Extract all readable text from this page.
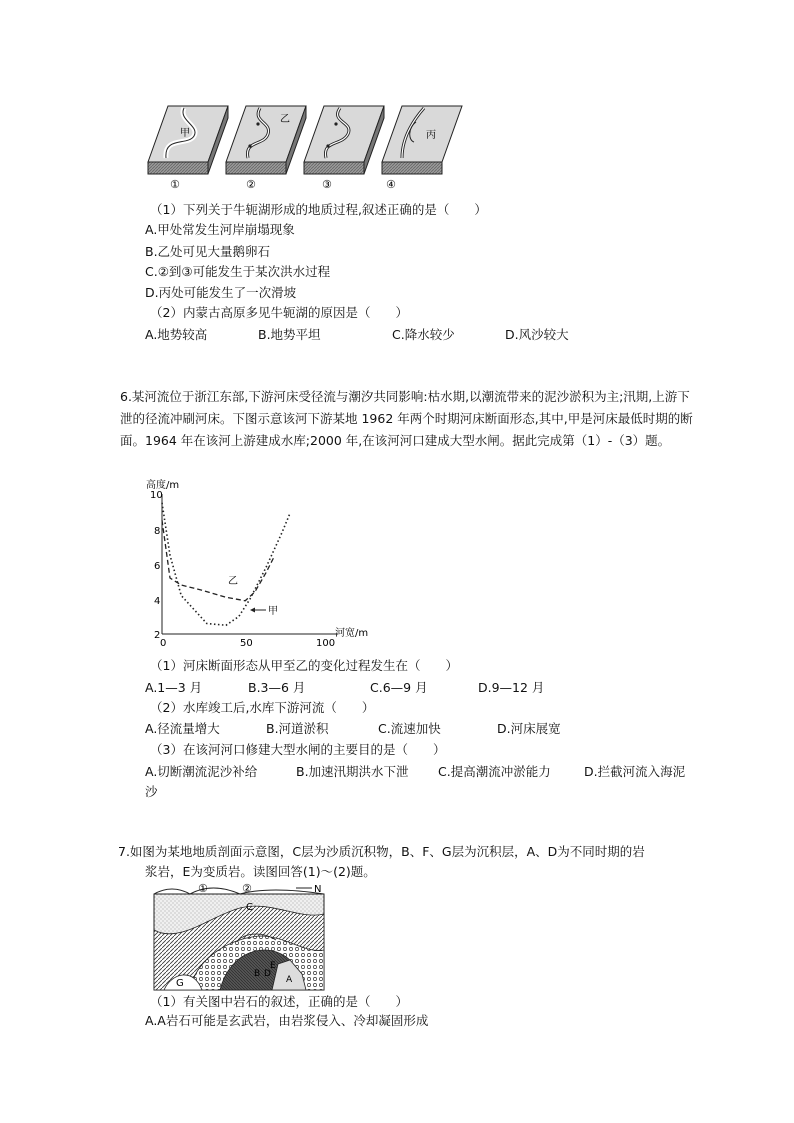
甲
乙
丙
①	②	③	④
（1）下列关于牛轭湖形成的地质过程,叙述正确的是（　　）
A.甲处常发生河岸崩塌现象
B.乙处可见大量鹅卵石
C.②到③可能发生于某次洪水过程
D.丙处可能发生了一次滑坡
（2）内蒙古高原多见牛轭湖的原因是（　　）
A.地势较高	B.地势平坦	C.降水较少	D.风沙较大
6.某河流位于浙江东部,下游河床受径流与潮汐共同影响:枯水期,以潮流带来的泥沙淤积为主;汛期,上游下泄的径流冲刷河床。下图示意该河下游某地 1962 年两个时期河床断面形态,其中,甲是河床最低时期的断面。1964 年在该河上游建成水库;2000 年,在该河河口建成大型水闸。据此完成第（1）-（3）题。
高度/m
河宽/m
10
8
6
4
2
0	50	100
乙
甲
（1）河床断面形态从甲至乙的变化过程发生在（　　）
A.1—3 月	B.3—6 月	C.6—9 月	D.9—12 月
（2）水库竣工后,水库下游河流（　　）
A.径流量增大	B.河道淤积	C.流速加快	D.河床展宽
（3）在该河河口修建大型水闸的主要目的是（　　）
A.切断潮流泥沙补给	B.加速汛期洪水下泄 C.提高潮流冲淤能力	D.拦截河流入海泥
沙
7.如图为某地地质剖面示意图，C层为沙质沉积物，B、F、G层为沉积层，A、D为不同时期的岩
浆岩，E为变质岩。读图回答(1)～(2)题。
①	②	N
C
F
G
B D
E
A
（1）有关图中岩石的叙述，正确的是（　　）
A.A岩石可能是玄武岩，由岩浆侵入、冷却凝固形成
